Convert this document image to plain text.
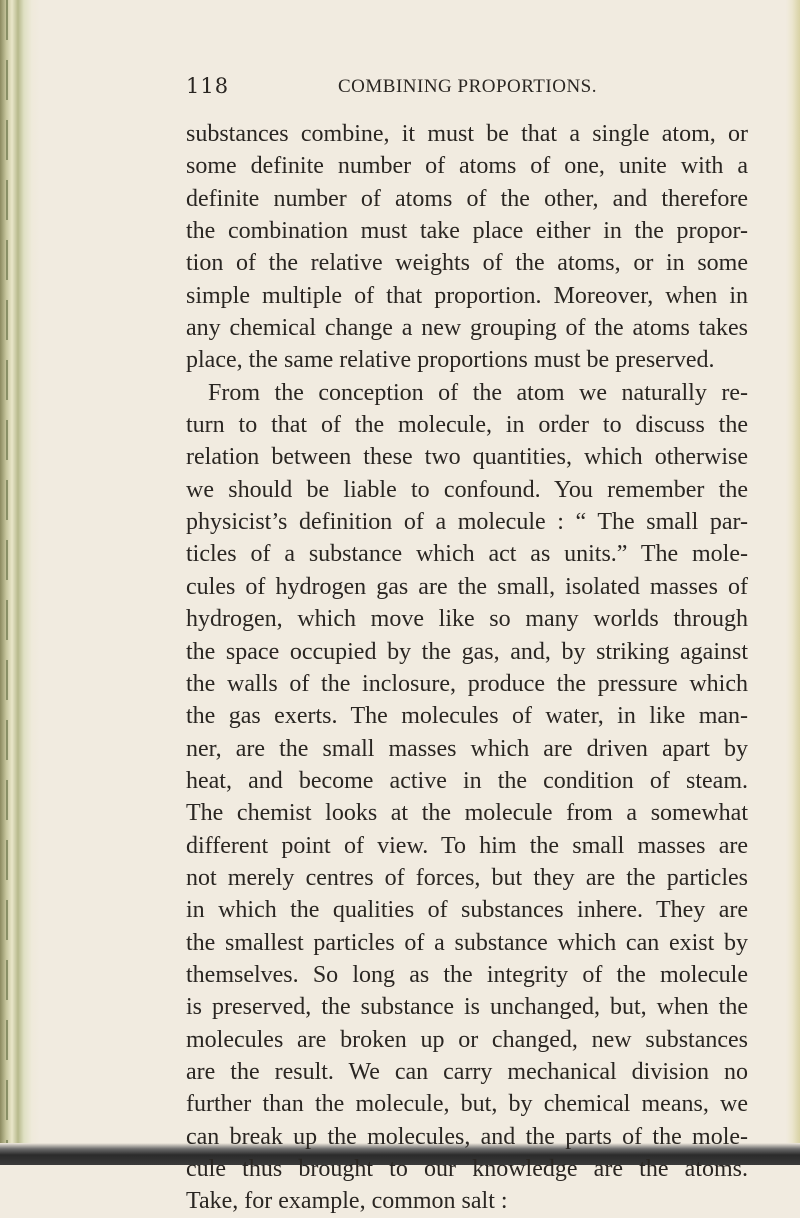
118	COMBINING PROPORTIONS.
substances combine, it must be that a single atom, or
some definite number of atoms of one, unite with a
definite number of atoms of the other, and therefore
the combination must take place either in the propor-
tion of the relative weights of the atoms, or in some
simple multiple of that proportion. Moreover, when in
any chemical change a new grouping of the atoms takes
place, the same relative proportions must be preserved.
From the conception of the atom we naturally re-
turn to that of the molecule, in order to discuss the
relation between these two quantities, which otherwise
we should be liable to confound. You remember the
physicist’s definition of a molecule : “ The small par-
ticles of a substance which act as units.” The mole-
cules of hydrogen gas are the small, isolated masses of
hydrogen, which move like so many worlds through
the space occupied by the gas, and, by striking against
the walls of the inclosure, produce the pressure which
the gas exerts. The molecules of water, in like man-
ner, are the small masses which are driven apart by
heat, and become active in the condition of steam.
The chemist looks at the molecule from a somewhat
different point of view. To him the small masses are
not merely centres of forces, but they are the particles
in which the qualities of substances inhere. They are
the smallest particles of a substance which can exist by
themselves. So long as the integrity of the molecule
is preserved, the substance is unchanged, but, when the
molecules are broken up or changed, new substances
are the result. We can carry mechanical division no
further than the molecule, but, by chemical means, we
can break up the molecules, and the parts of the mole-
cule thus brought to our knowledge are the atoms.
Take, for example, common salt :
